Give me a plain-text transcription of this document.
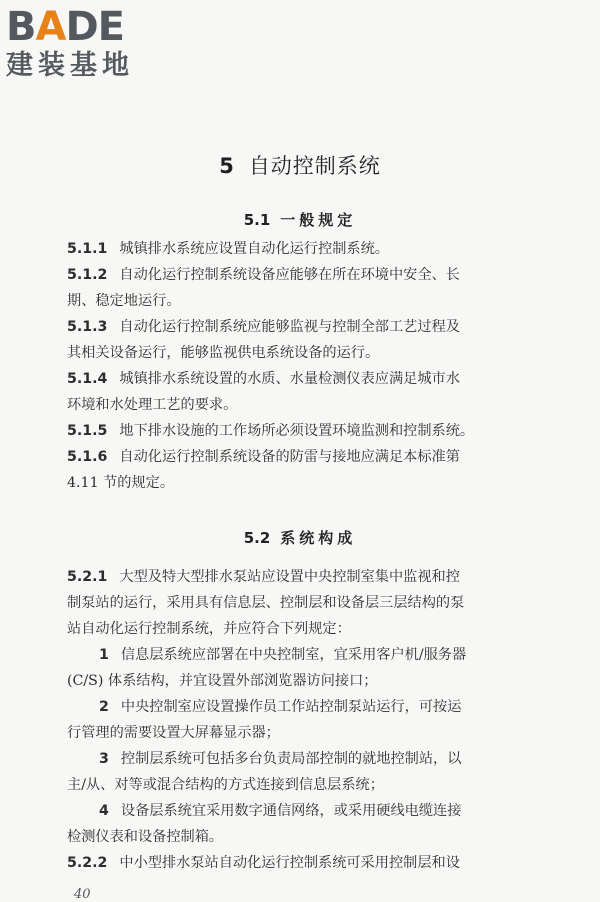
BADE
建装基地
5 自动控制系统
5.1 一般规定
5.1.1 城镇排水系统应设置自动化运行控制系统。
5.1.2 自动化运行控制系统设备应能够在所在环境中安全、长
期、稳定地运行。
5.1.3 自动化运行控制系统应能够监视与控制全部工艺过程及
其相关设备运行，能够监视供电系统设备的运行。
5.1.4 城镇排水系统设置的水质、水量检测仪表应满足城市水
环境和水处理工艺的要求。
5.1.5 地下排水设施的工作场所必须设置环境监测和控制系统。
5.1.6 自动化运行控制系统设备的防雷与接地应满足本标准第
4.11 节的规定。
5.2 系统构成
5.2.1 大型及特大型排水泵站应设置中央控制室集中监视和控
制泵站的运行，采用具有信息层、控制层和设备层三层结构的泵
站自动化运行控制系统，并应符合下列规定：
1 信息层系统应部署在中央控制室，宜采用客户机/服务器
(C/S) 体系结构，并宜设置外部浏览器访问接口；
2 中央控制室应设置操作员工作站控制泵站运行，可按运
行管理的需要设置大屏幕显示器；
3 控制层系统可包括多台负责局部控制的就地控制站，以
主/从、对等或混合结构的方式连接到信息层系统；
4 设备层系统宜采用数字通信网络，或采用硬线电缆连接
检测仪表和设备控制箱。
5.2.2 中小型排水泵站自动化运行控制系统可采用控制层和设
40
